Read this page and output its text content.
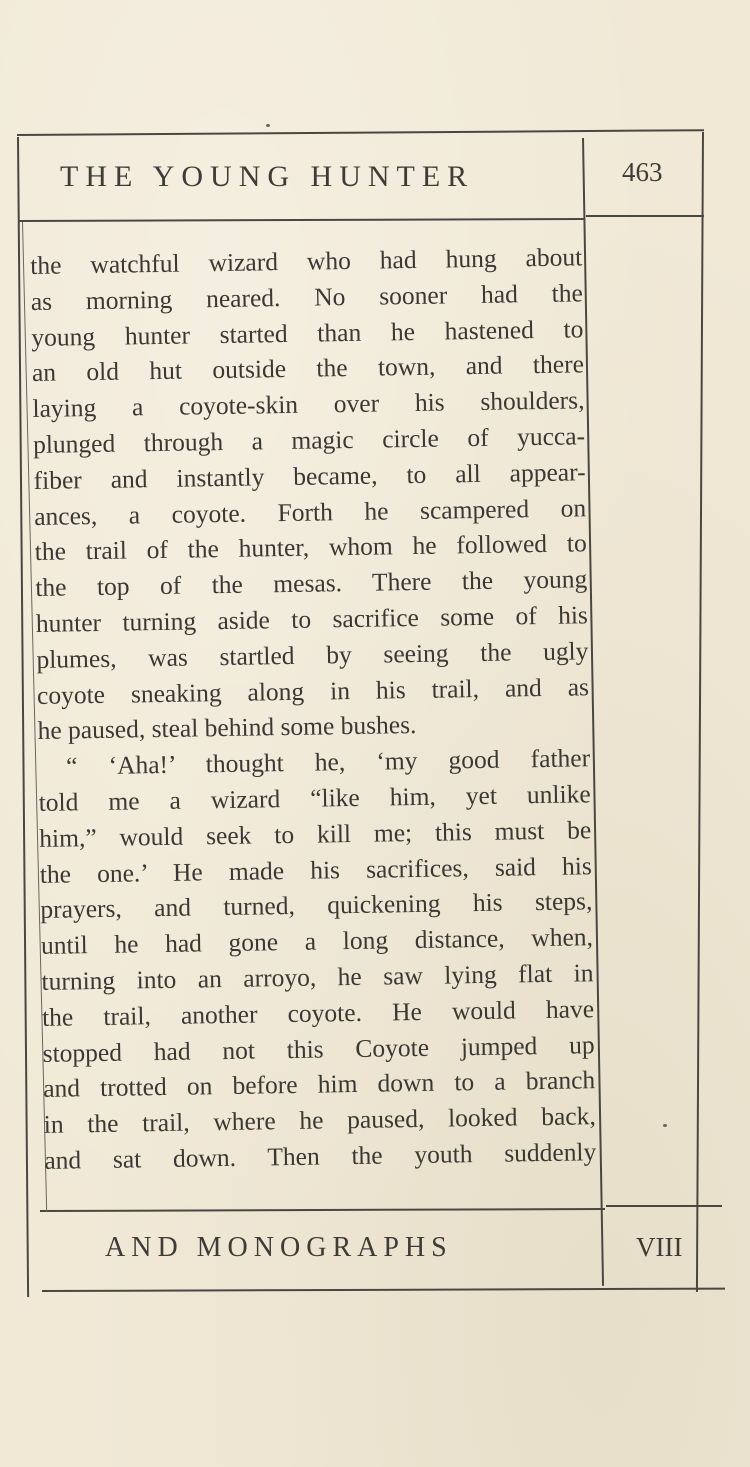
THE YOUNG HUNTER	463
the watchful wizard who had hung about
as morning neared. No sooner had the
young hunter started than he hastened to
an old hut outside the town, and there
laying a coyote-skin over his shoulders,
plunged through a magic circle of yucca-
fiber and instantly became, to all appear-
ances, a coyote. Forth he scampered on
the trail of the hunter, whom he followed to
the top of the mesas. There the young
hunter turning aside to sacrifice some of his
plumes, was startled by seeing the ugly
coyote sneaking along in his trail, and as
he paused, steal behind some bushes.
“ ‘Aha!’ thought he, ‘my good father
told me a wizard “like him, yet unlike
him,” would seek to kill me; this must be
the one.’ He made his sacrifices, said his
prayers, and turned, quickening his steps,
until he had gone a long distance, when,
turning into an arroyo, he saw lying flat in
the trail, another coyote. He would have
stopped had not this Coyote jumped up
and trotted on before him down to a branch
in the trail, where he paused, looked back,
and sat down. Then the youth suddenly
AND MONOGRAPHS	VIII
